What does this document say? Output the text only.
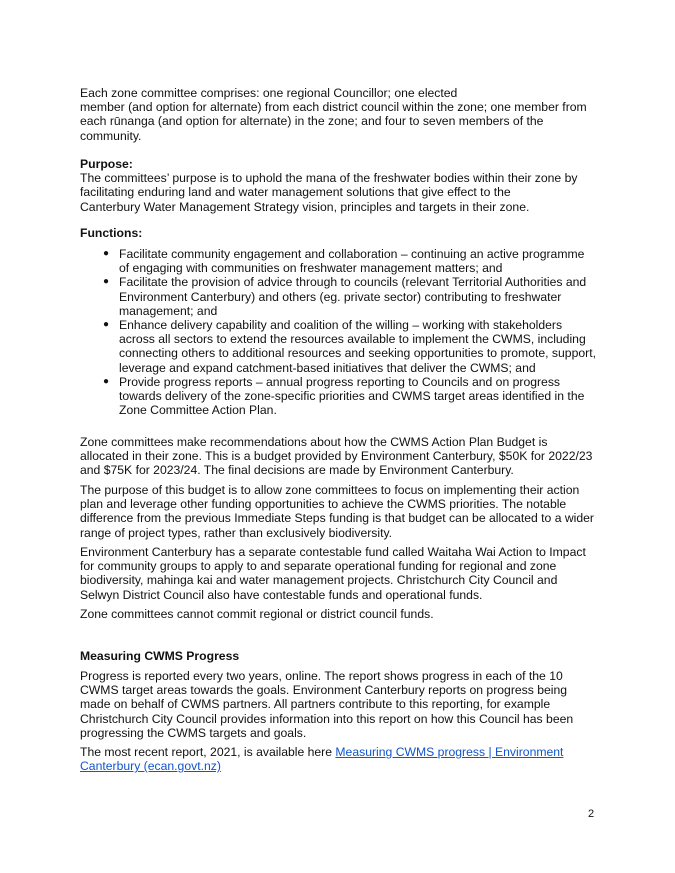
Each zone committee comprises: one regional Councillor; one elected
member (and option for alternate) from each district council within the zone; one member from
each rūnanga (and option for alternate) in the zone; and four to seven members of the
community.

Purpose:
The committees’ purpose is to uphold the mana of the freshwater bodies within their zone by
facilitating enduring land and water management solutions that give effect to the
Canterbury Water Management Strategy vision, principles and targets in their zone.
Functions:
● Facilitate community engagement and collaboration – continuing an active programme
of engaging with communities on freshwater management matters; and
● Facilitate the provision of advice through to councils (relevant Territorial Authorities and
Environment Canterbury) and others (eg. private sector) contributing to freshwater
management; and
● Enhance delivery capability and coalition of the willing – working with stakeholders
across all sectors to extend the resources available to implement the CWMS, including
connecting others to additional resources and seeking opportunities to promote, support,
leverage and expand catchment-based initiatives that deliver the CWMS; and
● Provide progress reports – annual progress reporting to Councils and on progress
towards delivery of the zone-specific priorities and CWMS target areas identified in the
Zone Committee Action Plan.

Zone committees make recommendations about how the CWMS Action Plan Budget is
allocated in their zone. This is a budget provided by Environment Canterbury, $50K for 2022/23
and $75K for 2023/24. The final decisions are made by Environment Canterbury.

The purpose of this budget is to allow zone committees to focus on implementing their action
plan and leverage other funding opportunities to achieve the CWMS priorities. The notable
difference from the previous Immediate Steps funding is that budget can be allocated to a wider
range of project types, rather than exclusively biodiversity.

Environment Canterbury has a separate contestable fund called Waitaha Wai Action to Impact
for community groups to apply to and separate operational funding for regional and zone
biodiversity, mahinga kai and water management projects. Christchurch City Council and
Selwyn District Council also have contestable funds and operational funds.

Zone committees cannot commit regional or district council funds.

Measuring CWMS Progress

Progress is reported every two years, online. The report shows progress in each of the 10
CWMS target areas towards the goals. Environment Canterbury reports on progress being
made on behalf of CWMS partners. All partners contribute to this reporting, for example
Christchurch City Council provides information into this report on how this Council has been
progressing the CWMS targets and goals.

The most recent report, 2021, is available here Measuring CWMS progress | Environment
Canterbury (ecan.govt.nz)

2
